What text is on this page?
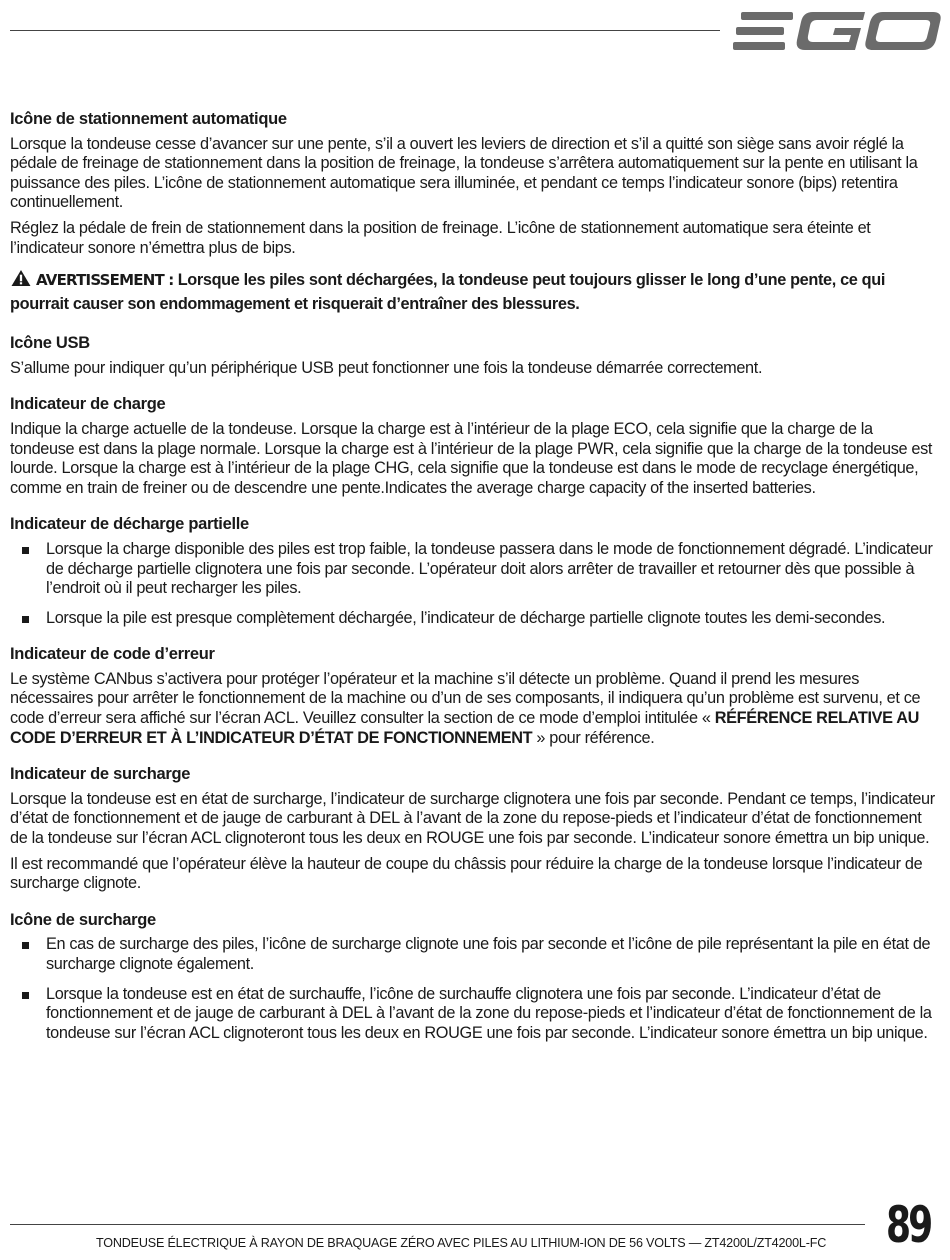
Icône de stationnement automatique

Lorsque la tondeuse cesse d’avancer sur une pente, s’il a ouvert les leviers de direction et s’il a quitté son siège sans avoir réglé la pédale de freinage de stationnement dans la position de freinage, la tondeuse s’arrêtera automatiquement sur la pente en utilisant la puissance des piles. L’icône de stationnement automatique sera illuminée, et pendant ce temps l’indicateur sonore (bips) retentira continuellement.

Réglez la pédale de frein de stationnement dans la position de freinage. L’icône de stationnement automatique sera éteinte et l’indicateur sonore n’émettra plus de bips.

AVERTISSEMENT : Lorsque les piles sont déchargées, la tondeuse peut toujours glisser le long d’une pente, ce qui pourrait causer son endommagement et risquerait d’entraîner des blessures.
Icône USB

S’allume pour indiquer qu’un périphérique USB peut fonctionner une fois la tondeuse démarrée correctement.

Indicateur de charge

Indique la charge actuelle de la tondeuse. Lorsque la charge est à l’intérieur de la plage ECO, cela signifie que la charge de la tondeuse est dans la plage normale. Lorsque la charge est à l’intérieur de la plage PWR, cela signifie que la charge de la tondeuse est lourde. Lorsque la charge est à l’intérieur de la plage CHG, cela signifie que la tondeuse est dans le mode de recyclage énergétique, comme en train de freiner ou de descendre une pente.Indicates the average charge capacity of the inserted batteries.

Indicateur de décharge partielle
Lorsque la charge disponible des piles est trop faible, la tondeuse passera dans le mode de fonctionnement dégradé. L’indicateur de décharge partielle clignotera une fois par seconde. L’opérateur doit alors arrêter de travailler et retourner dès que possible à l’endroit où il peut recharger les piles.
Lorsque la pile est presque complètement déchargée, l’indicateur de décharge partielle clignote toutes les demi-secondes.
Indicateur de code d’erreur

Le système CANbus s’activera pour protéger l’opérateur et la machine s’il détecte un problème. Quand il prend les mesures nécessaires pour arrêter le fonctionnement de la machine ou d’un de ses composants, il indiquera qu’un problème est survenu, et ce code d’erreur sera affiché sur l’écran ACL. Veuillez consulter la section de ce mode d’emploi intitulée « RÉFÉRENCE RELATIVE AU CODE D’ERREUR ET À L’INDICATEUR D’ÉTAT DE FONCTIONNEMENT » pour référence.

Indicateur de surcharge

Lorsque la tondeuse est en état de surcharge, l’indicateur de surcharge clignotera une fois par seconde. Pendant ce temps, l’indicateur d’état de fonctionnement et de jauge de carburant à DEL à l’avant de la zone du repose-pieds et l’indicateur d’état de fonctionnement de la tondeuse sur l’écran ACL clignoteront tous les deux en ROUGE une fois par seconde. L’indicateur sonore émettra un bip unique.

Il est recommandé que l’opérateur élève la hauteur de coupe du châssis pour réduire la charge de la tondeuse lorsque l’indicateur de surcharge clignote.

Icône de surcharge
En cas de surcharge des piles, l’icône de surcharge clignote une fois par seconde et l’icône de pile représentant la pile en état de surcharge clignote également.
Lorsque la tondeuse est en état de surchauffe, l’icône de surchauffe clignotera une fois par seconde. L’indicateur d’état de fonctionnement et de jauge de carburant à DEL à l’avant de la zone du repose-pieds et l’indicateur d’état de fonctionnement de la tondeuse sur l’écran ACL clignoteront tous les deux en ROUGE une fois par seconde. L’indicateur sonore émettra un bip unique.
TONDEUSE ÉLECTRIQUE À RAYON DE BRAQUAGE ZÉRO AVEC PILES AU LITHIUM-ION DE 56 VOLTS — ZT4200L/ZT4200L-FC	89
